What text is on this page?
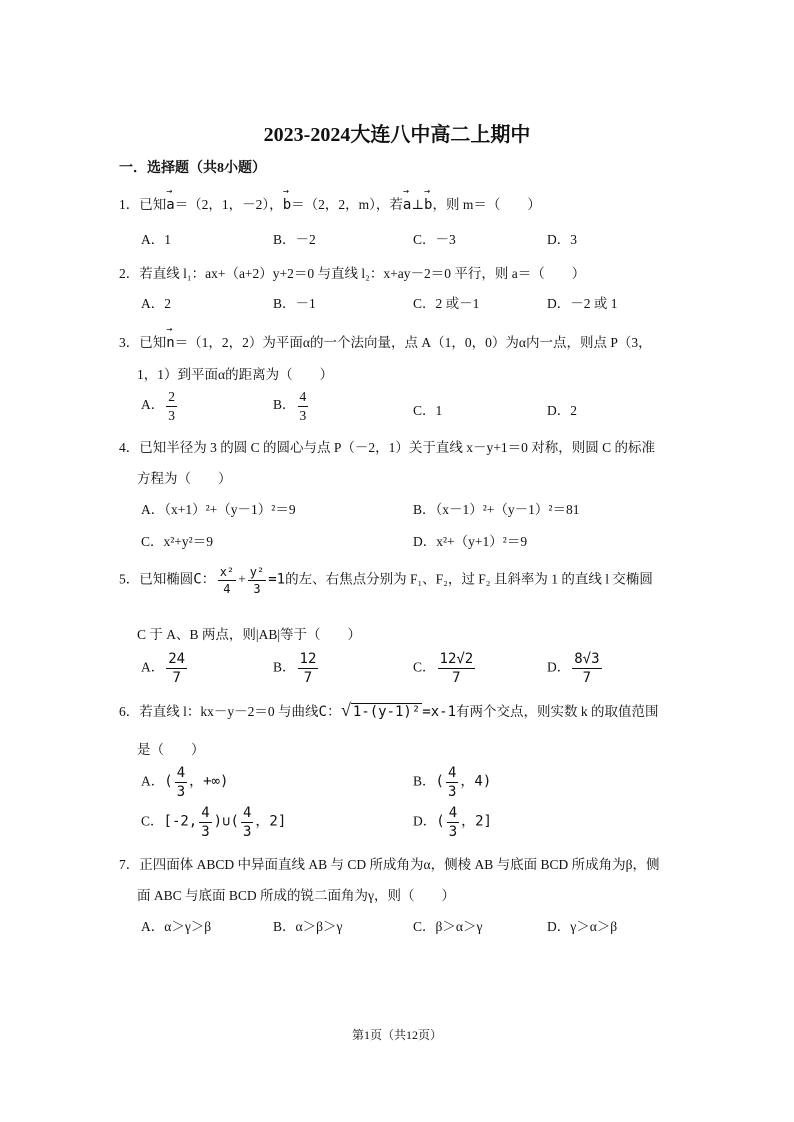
2023-2024大连八中高二上期中
一．选择题（共8小题）
1．已知→ a＝（2，1，－2），→ b＝（2，2，m），若→ a⊥→ b，则 m＝（　　）
A．1	B．－2	C．－3	D．3
2．若直线 l₁：ax+（a+2）y+2＝0 与直线 l₂：x+ay－2＝0 平行，则 a＝（　　）
A．2	B．－1	C．2 或－1	D．－2 或 1
3．已知→ n＝（1，2，2）为平面α的一个法向量，点 A（1，0，0）为α内一点，则点 P（3，
1，1）到平面α的距离为（　　）
A． $\frac{2}{3}$	B． $\frac{4}{3}$	C．1	D．2
4．已知半径为 3 的圆 C 的圆心与点 P（－2，1）关于直线 x－y+1＝0 对称，则圆 C 的标准
方程为（　　）
A．（x+1）²+（y－1）²＝9	B．（x－1）²+（y－1）²＝81
C．x²+y²＝9	D．x²+（y+1）²＝9
5．已知椭圆C： $\frac{\text{x²}}{4} + \frac{\text{y²}}{3} =1$的左、右焦点分别为 F₁、F₂，过 F₂ 且斜率为 1 的直线 l 交椭圆
C 于 A、B 两点，则|AB|等于（　　）
A． $\frac{24}{7}$	B． $\frac{12}{7}$	C． $\frac{12√2}{7}$	D． $\frac{8√3}{7}$
6．若直线 l：kx－y－2＝0 与曲线C：√ 1-(y-1)² =x-1有两个交点，则实数 k 的取值范围
是（　　）
A．( $\frac{4}{3}$ ，+∞)	B．( $\frac{4}{3}$ ，4)
C．[-2, $\frac{4}{3}$ )∪( $\frac{4}{3}$ ，2]	D．( $\frac{4}{3}$ ，2]
7．正四面体 ABCD 中异面直线 AB 与 CD 所成角为α，侧棱 AB 与底面 BCD 所成角为β，侧
面 ABC 与底面 BCD 所成的锐二面角为γ，则（　　）
A．α＞γ＞β	B．α＞β＞γ	C．β＞α＞γ	D．γ＞α＞β
第1页（共12页）
